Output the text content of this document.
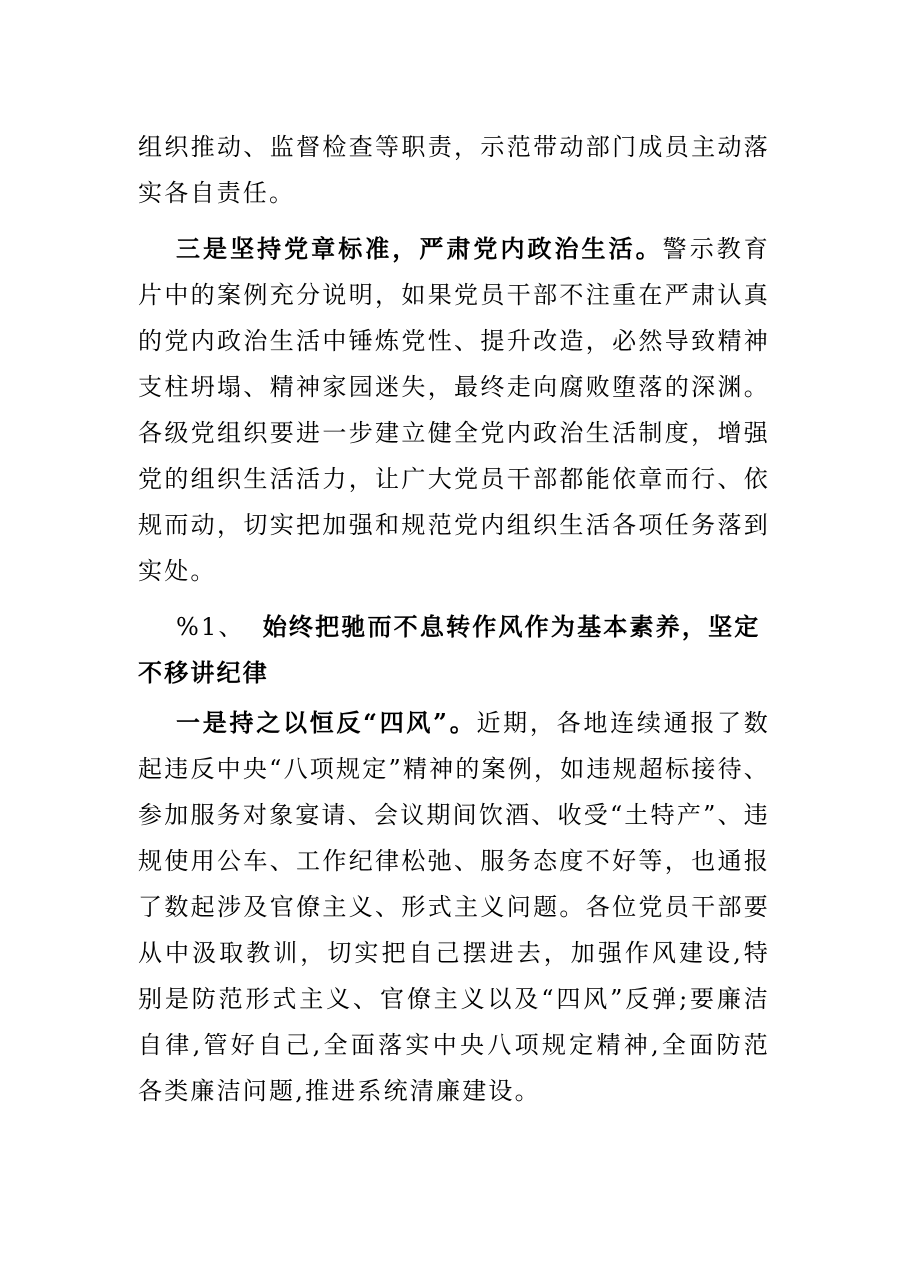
组织推动、监督检查等职责，示范带动部门成员主动落实各自责任。

三是坚持党章标准，严肃党内政治生活。警示教育片中的案例充分说明，如果党员干部不注重在严肃认真的党内政治生活中锤炼党性、提升改造，必然导致精神支柱坍塌、精神家园迷失，最终走向腐败堕落的深渊。各级党组织要进一步建立健全党内政治生活制度，增强党的组织生活活力，让广大党员干部都能依章而行、依规而动，切实把加强和规范党内组织生活各项任务落到实处。

%1、 始终把驰而不息转作风作为基本素养，坚定不移讲纪律

一是持之以恒反“四风”。近期，各地连续通报了数起违反中央“八项规定”精神的案例，如违规超标接待、参加服务对象宴请、会议期间饮酒、收受“土特产”、违规使用公车、工作纪律松弛、服务态度不好等，也通报了数起涉及官僚主义、形式主义问题。各位党员干部要从中汲取教训，切实把自己摆进去，加强作风建设,特别是防范形式主义、官僚主义以及“四风”反弹;要廉洁自律,管好自己,全面落实中央八项规定精神,全面防范各类廉洁问题,推进系统清廉建设。
